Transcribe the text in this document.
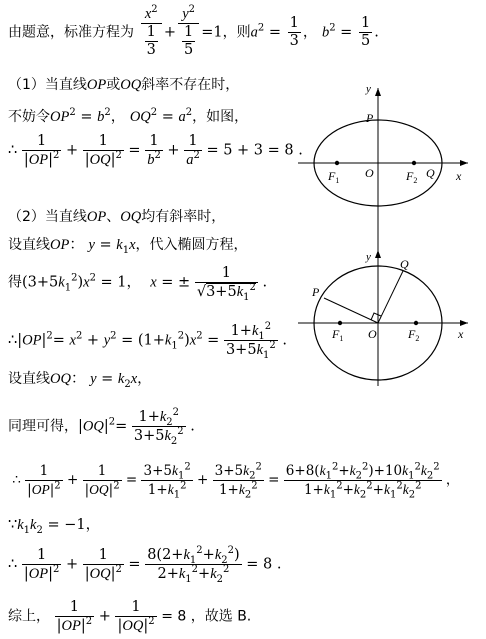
由题意，标准方程为 $\frac{x^2}{\frac{1}{3}} + \frac{y^2}{\frac{1}{5}} =1$，则$a^2 = \frac{1}{3}$ ， $b^2 = \frac{1}{5}$ .
（1）当直线OP或OQ斜率不存在时，
不妨令$OP^2 = b^2$， $OQ^2 = a^2$，如图，
∴ $\frac{1}{|OP|^2} + \frac{1}{|OQ|^2} = \frac{1}{b^2} + \frac{1}{a^2} = 5 + 3 = 8$ .
y
P
x
O
$F_1$	$F_2$
Q
（2）当直线OP、OQ均有斜率时，
设直线OP： $y = k_1x$，代入椭圆方程，
得$(3+5k_1^2)x^2 = 1$，  x = ± $\frac{1}{√3+5k_1^2}$ .
$\therefore|OP|^2= x^2 + y^2 = (1+k_1^2)x^2 = \frac{1+k_1^2}{3+5k_1^2}$ .
设直线OQ： $y = k_2x$，
同理可得，$|OQ|^2= \frac{1+k_2^2}{3+5k_2^2}$ .
∴ $\frac{1}{|OP|^2} + \frac{1}{|OQ|^2} = \frac{3+5k_1^2}{1+k_1^2} + \frac{3+5k_2^2}{1+k_2^2} = \frac{6+8(k_1^2+k_2^2)+10k_1^2k_2^2}{1+k_1^2+k_2^2+k_1^2k_2^2}$ ，
$\because k_1k_2 = -1$，
∴ $\frac{1}{|OP|^2} + \frac{1}{|OQ|^2} = \frac{8(2+k_1^2+k_2^2)}{2+k_1^2+k_2^2} = 8$ .
综上， $\frac{1}{|OP|^2} + \frac{1}{|OQ|^2} = 8$ ，故选 B.
y
P
Q
x
O
$F_1$	$F_2$
